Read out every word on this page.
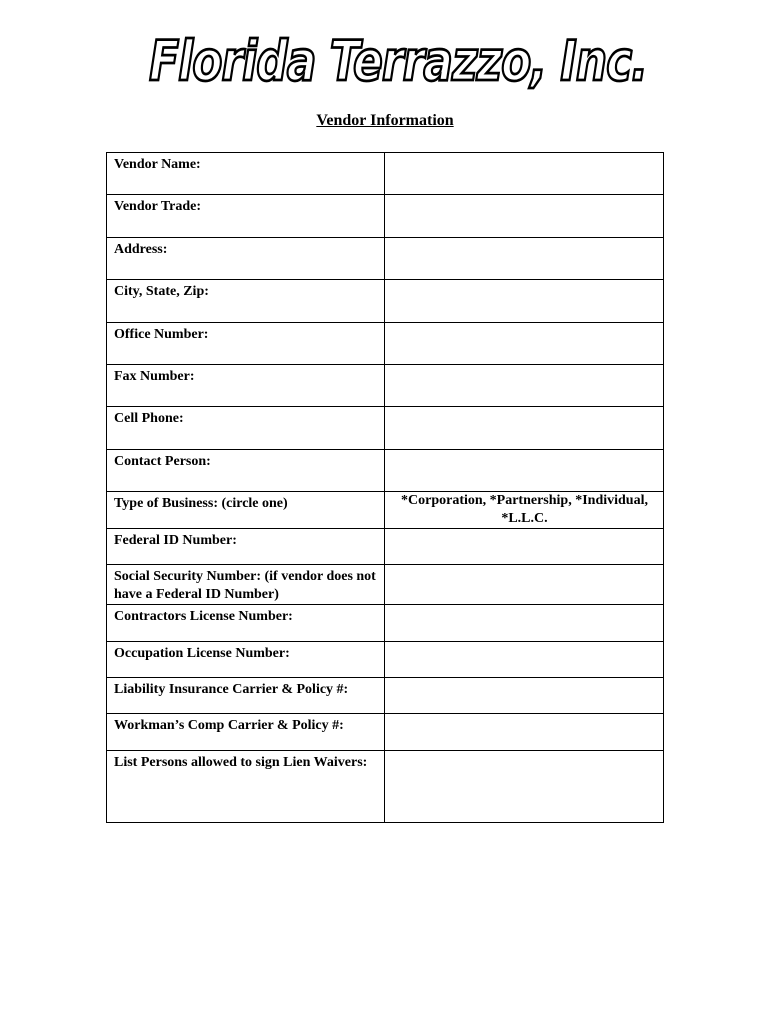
Florida Terrazzo, Inc.
Vendor Information
Vendor Name:	
Vendor Trade:	
Address:	
City, State, Zip:	
Office Number:	
Fax Number:	
Cell Phone:	
Contact Person:	
Type of Business: (circle one)	*Corporation, *Partnership, *Individual, *L.L.C.
Federal ID Number:	
Social Security Number: (if vendor does not have a Federal ID Number)	
Contractors License Number:	
Occupation License Number:	
Liability Insurance Carrier & Policy #:	
Workman’s Comp Carrier & Policy #:	
List Persons allowed to sign Lien Waivers:	
